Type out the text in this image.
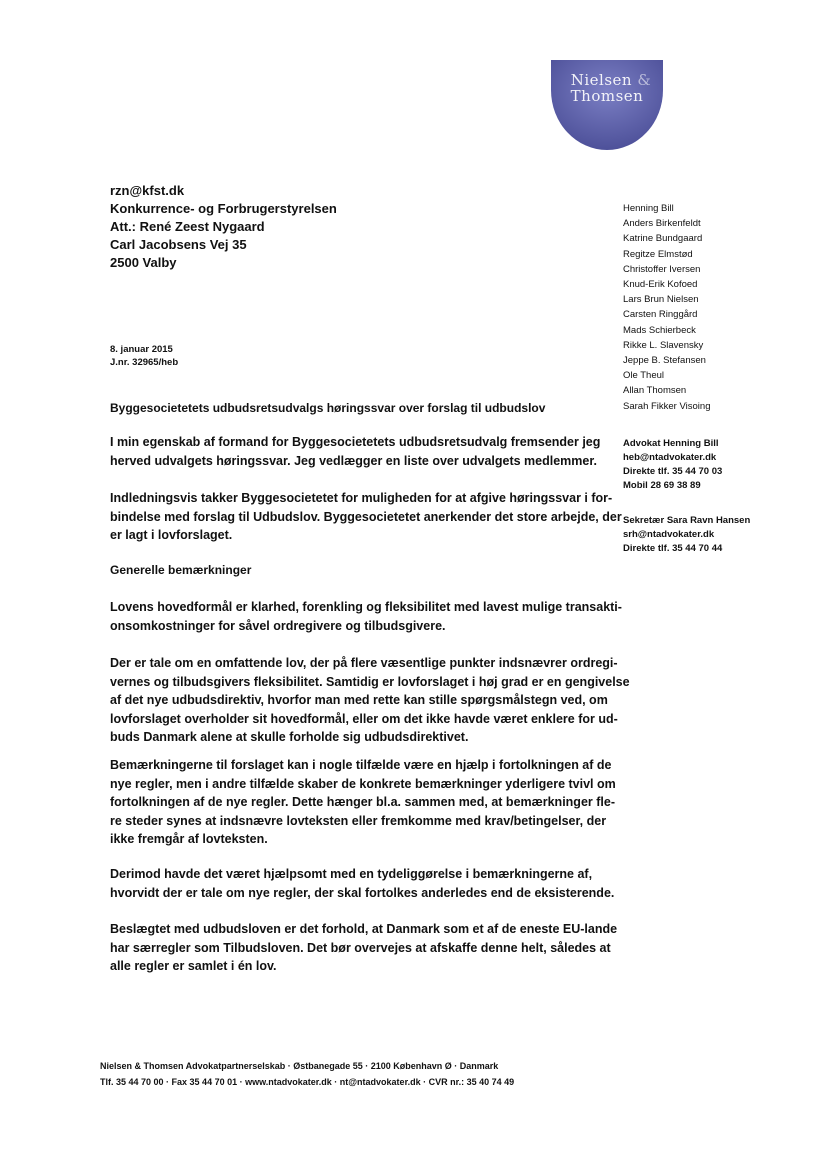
Nielsen &
Thomsen
rzn@kfst.dk
Konkurrence- og Forbrugerstyrelsen
Att.: René Zeest Nygaard
Carl Jacobsens Vej 35
2500 Valby
Henning Bill
Anders Birkenfeldt
Katrine Bundgaard
Regitze Elmstød
Christoffer Iversen
Knud-Erik Kofoed
Lars Brun Nielsen
Carsten Ringgård
Mads Schierbeck
Rikke L. Slavensky
Jeppe B. Stefansen
Ole Theul
Allan Thomsen
Sarah Fikker Visoing
Advokat Henning Bill
heb@ntadvokater.dk
Direkte tlf. 35 44 70 03
Mobil 28 69 38 89
Sekretær Sara Ravn Hansen
srh@ntadvokater.dk
Direkte tlf. 35 44 70 44
8. januar 2015
J.nr. 32965/heb
Byggesocietetets udbudsretsudvalgs høringssvar over forslag til udbudslov
I min egenskab af formand for Byggesocietetets udbudsretsudvalg fremsender jeg
herved udvalgets høringssvar. Jeg vedlægger en liste over udvalgets medlemmer.
Indledningsvis takker Byggesocietetet for muligheden for at afgive høringssvar i for-
bindelse med forslag til Udbudslov. Byggesocietetet anerkender det store arbejde, der
er lagt i lovforslaget.
Generelle bemærkninger
Lovens hovedformål er klarhed, forenkling og fleksibilitet med lavest mulige transakti-
onsomkostninger for såvel ordregivere og tilbudsgivere.
Der er tale om en omfattende lov, der på flere væsentlige punkter indsnævrer ordregi-
vernes og tilbudsgivers fleksibilitet. Samtidig er lovforslaget i høj grad er en gengivelse
af det nye udbudsdirektiv, hvorfor man med rette kan stille spørgsmålstegn ved, om
lovforslaget overholder sit hovedformål, eller om det ikke havde været enklere for ud-
buds Danmark alene at skulle forholde sig udbudsdirektivet.
Bemærkningerne til forslaget kan i nogle tilfælde være en hjælp i fortolkningen af de
nye regler, men i andre tilfælde skaber de konkrete bemærkninger yderligere tvivl om
fortolkningen af de nye regler. Dette hænger bl.a. sammen med, at bemærkninger fle-
re steder synes at indsnævre lovteksten eller fremkomme med krav/betingelser, der
ikke fremgår af lovteksten.
Derimod havde det været hjælpsomt med en tydeliggørelse i bemærkningerne af,
hvorvidt der er tale om nye regler, der skal fortolkes anderledes end de eksisterende.
Beslægtet med udbudsloven er det forhold, at Danmark som et af de eneste EU-lande
har særregler som Tilbudsloven. Det bør overvejes at afskaffe denne helt, således at
alle regler er samlet i én lov.
Nielsen & Thomsen Advokatpartnerselskab · Østbanegade 55 · 2100 København Ø · Danmark
Tlf. 35 44 70 00 · Fax 35 44 70 01 · www.ntadvokater.dk · nt@ntadvokater.dk · CVR nr.: 35 40 74 49
